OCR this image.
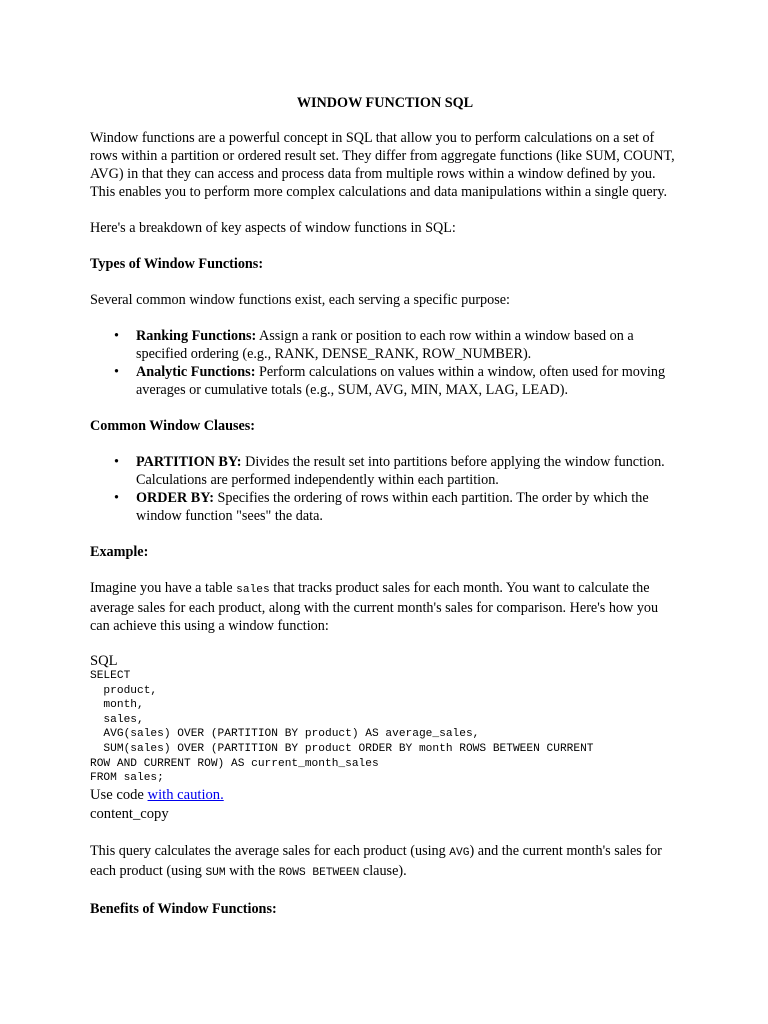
WINDOW FUNCTION SQL

Window functions are a powerful concept in SQL that allow you to perform calculations on a set of rows within a partition or ordered result set. They differ from aggregate functions (like SUM, COUNT, AVG) in that they can access and process data from multiple rows within a window defined by you. This enables you to perform more complex calculations and data manipulations within a single query.

Here's a breakdown of key aspects of window functions in SQL:

Types of Window Functions:

Several common window functions exist, each serving a specific purpose:

• Ranking Functions: Assign a rank or position to each row within a window based on a specified ordering (e.g., RANK, DENSE_RANK, ROW_NUMBER).
• Analytic Functions: Perform calculations on values within a window, often used for moving averages or cumulative totals (e.g., SUM, AVG, MIN, MAX, LAG, LEAD).
Common Window Clauses:
• PARTITION BY: Divides the result set into partitions before applying the window function. Calculations are performed independently within each partition.
• ORDER BY: Specifies the ordering of rows within each partition. The order by which the window function "sees" the data.
Example:

Imagine you have a table sales that tracks product sales for each month. You want to calculate the average sales for each product, along with the current month's sales for comparison. Here's how you can achieve this using a window function:

SQL
SELECT
product,
month,
sales,
AVG(sales) OVER (PARTITION BY product) AS average_sales,
SUM(sales) OVER (PARTITION BY product ORDER BY month ROWS BETWEEN CURRENT
ROW AND CURRENT ROW) AS current_month_sales
FROM sales;
Use code with caution.
content_copy

This query calculates the average sales for each product (using AVG) and the current month's sales for each product (using SUM with the ROWS BETWEEN clause).

Benefits of Window Functions:
